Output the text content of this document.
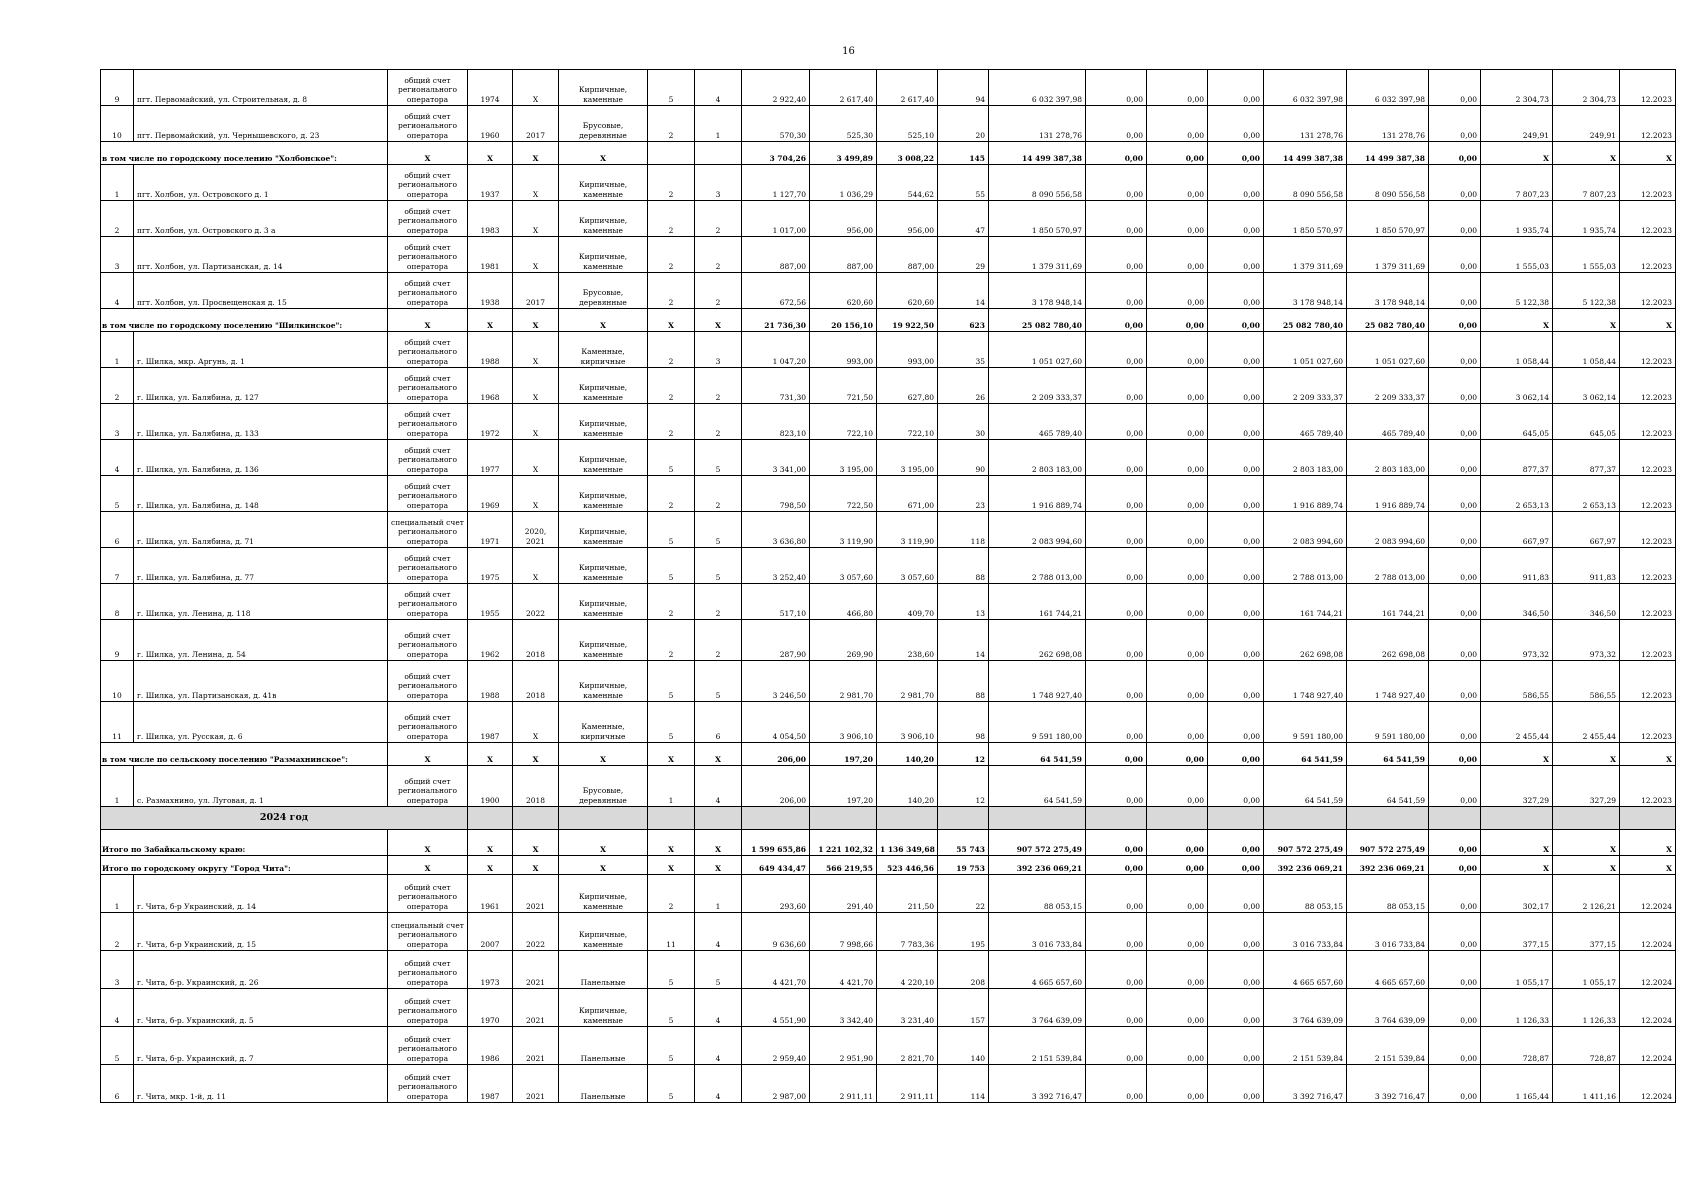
16
9	пгт. Первомайский, ул. Строительная, д. 8	общий счет регионального оператора	1974	X	Кирпичные, каменные	5	4	2 922,40	2 617,40	2 617,40	94	6 032 397,98	0,00	0,00	0,00	6 032 397,98	6 032 397,98	0,00	2 304,73	2 304,73	12.2023
10	пгт. Первомайский, ул. Чернышевского, д. 23	общий счет регионального оператора	1960	2017	Брусовые, деревянные	2	1	570,30	525,30	525,10	20	131 278,76	0,00	0,00	0,00	131 278,76	131 278,76	0,00	249,91	249,91	12.2023
в том числе по городскому поселению "Холбонское":		X	X	X	X			3 704,26	3 499,89	3 008,22	145	14 499 387,38	0,00	0,00	0,00	14 499 387,38	14 499 387,38	0,00	X	X	X
1	пгт. Холбон, ул. Островского д. 1	общий счет регионального оператора	1937	X	Кирпичные, каменные	2	3	1 127,70	1 036,29	544,62	55	8 090 556,58	0,00	0,00	0,00	8 090 556,58	8 090 556,58	0,00	7 807,23	7 807,23	12.2023
2	пгт. Холбон, ул. Островского д. 3 а	общий счет регионального оператора	1983	X	Кирпичные, каменные	2	2	1 017,00	956,00	956,00	47	1 850 570,97	0,00	0,00	0,00	1 850 570,97	1 850 570,97	0,00	1 935,74	1 935,74	12.2023
3	пгт. Холбон, ул. Партизанская, д. 14	общий счет регионального оператора	1981	X	Кирпичные, каменные	2	2	887,00	887,00	887,00	29	1 379 311,69	0,00	0,00	0,00	1 379 311,69	1 379 311,69	0,00	1 555,03	1 555,03	12.2023
4	пгт. Холбон, ул. Просвещенская д. 15	общий счет регионального оператора	1938	2017	Брусовые, деревянные	2	2	672,56	620,60	620,60	14	3 178 948,14	0,00	0,00	0,00	3 178 948,14	3 178 948,14	0,00	5 122,38	5 122,38	12.2023
в том числе по городскому поселению "Шилкинское":		X	X	X	X	X	X	21 736,30	20 156,10	19 922,50	623	25 082 780,40	0,00	0,00	0,00	25 082 780,40	25 082 780,40	0,00	X	X	X
1	г. Шилка, мкр. Аргунь, д. 1	общий счет регионального оператора	1988	X	Каменные, кирпичные	2	3	1 047,20	993,00	993,00	35	1 051 027,60	0,00	0,00	0,00	1 051 027,60	1 051 027,60	0,00	1 058,44	1 058,44	12.2023
2	г. Шилка, ул. Балябина, д. 127	общий счет регионального оператора	1968	X	Кирпичные, каменные	2	2	731,30	721,50	627,80	26	2 209 333,37	0,00	0,00	0,00	2 209 333,37	2 209 333,37	0,00	3 062,14	3 062,14	12.2023
3	г. Шилка, ул. Балябина, д. 133	общий счет регионального оператора	1972	X	Кирпичные, каменные	2	2	823,10	722,10	722,10	30	465 789,40	0,00	0,00	0,00	465 789,40	465 789,40	0,00	645,05	645,05	12.2023
4	г. Шилка, ул. Балябина, д. 136	общий счет регионального оператора	1977	X	Кирпичные, каменные	5	5	3 341,00	3 195,00	3 195,00	90	2 803 183,00	0,00	0,00	0,00	2 803 183,00	2 803 183,00	0,00	877,37	877,37	12.2023
5	г. Шилка, ул. Балябина, д. 148	общий счет регионального оператора	1969	X	Кирпичные, каменные	2	2	798,50	722,50	671,00	23	1 916 889,74	0,00	0,00	0,00	1 916 889,74	1 916 889,74	0,00	2 653,13	2 653,13	12.2023
6	г. Шилка, ул. Балябина, д. 71	специальный счет регионального оператора	1971	2020, 2021	Кирпичные, каменные	5	5	3 636,80	3 119,90	3 119,90	118	2 083 994,60	0,00	0,00	0,00	2 083 994,60	2 083 994,60	0,00	667,97	667,97	12.2023
7	г. Шилка, ул. Балябина, д. 77	общий счет регионального оператора	1975	X	Кирпичные, каменные	5	5	3 252,40	3 057,60	3 057,60	88	2 788 013,00	0,00	0,00	0,00	2 788 013,00	2 788 013,00	0,00	911,83	911,83	12.2023
8	г. Шилка, ул. Ленина, д. 118	общий счет регионального оператора	1955	2022	Кирпичные, каменные	2	2	517,10	466,80	409,70	13	161 744,21	0,00	0,00	0,00	161 744,21	161 744,21	0,00	346,50	346,50	12.2023
9	г. Шилка, ул. Ленина, д. 54	общий счет регионального оператора	1962	2018	Кирпичные, каменные	2	2	287,90	269,90	238,60	14	262 698,08	0,00	0,00	0,00	262 698,08	262 698,08	0,00	973,32	973,32	12.2023
10	г. Шилка, ул. Партизанская, д. 41в	общий счет регионального оператора	1988	2018	Кирпичные, каменные	5	5	3 246,50	2 981,70	2 981,70	88	1 748 927,40	0,00	0,00	0,00	1 748 927,40	1 748 927,40	0,00	586,55	586,55	12.2023
11	г. Шилка, ул. Русская, д. 6	общий счет регионального оператора	1987	X	Каменные, кирпичные	5	6	4 054,50	3 906,10	3 906,10	98	9 591 180,00	0,00	0,00	0,00	9 591 180,00	9 591 180,00	0,00	2 455,44	2 455,44	12.2023
в том числе по сельскому поселению "Размахнинское":		X	X	X	X	X	X	206,00	197,20	140,20	12	64 541,59	0,00	0,00	0,00	64 541,59	64 541,59	0,00	X	X	X
1	с. Размахнино, ул. Луговая, д. 1	общий счет регионального оператора	1900	2018	Брусовые, деревянные	1	4	206,00	197,20	140,20	12	64 541,59	0,00	0,00	0,00	64 541,59	64 541,59	0,00	327,29	327,29	12.2023
2024 год																					
Итого по Забайкальскому краю:		X	X	X	X	X	X	1 599 655,86	1 221 102,32	1 136 349,68	55 743	907 572 275,49	0,00	0,00	0,00	907 572 275,49	907 572 275,49	0,00	X	X	X
Итого по городскому округу "Город Чита":		X	X	X	X	X	X	649 434,47	566 219,55	523 446,56	19 753	392 236 069,21	0,00	0,00	0,00	392 236 069,21	392 236 069,21	0,00	X	X	X
1	г. Чита, б-р Украинский, д. 14	общий счет регионального оператора	1961	2021	Кирпичные, каменные	2	1	293,60	291,40	211,50	22	88 053,15	0,00	0,00	0,00	88 053,15	88 053,15	0,00	302,17	2 126,21	12.2024
2	г. Чита, б-р Украинский, д. 15	специальный счет регионального оператора	2007	2022	Кирпичные, каменные	11	4	9 636,60	7 998,66	7 783,36	195	3 016 733,84	0,00	0,00	0,00	3 016 733,84	3 016 733,84	0,00	377,15	377,15	12.2024
3	г. Чита, б-р. Украинский, д. 26	общий счет регионального оператора	1973	2021	Панельные	5	5	4 421,70	4 421,70	4 220,10	208	4 665 657,60	0,00	0,00	0,00	4 665 657,60	4 665 657,60	0,00	1 055,17	1 055,17	12.2024
4	г. Чита, б-р. Украинский, д. 5	общий счет регионального оператора	1970	2021	Кирпичные, каменные	5	4	4 551,90	3 342,40	3 231,40	157	3 764 639,09	0,00	0,00	0,00	3 764 639,09	3 764 639,09	0,00	1 126,33	1 126,33	12.2024
5	г. Чита, б-р. Украинский, д. 7	общий счет регионального оператора	1986	2021	Панельные	5	4	2 959,40	2 951,90	2 821,70	140	2 151 539,84	0,00	0,00	0,00	2 151 539,84	2 151 539,84	0,00	728,87	728,87	12.2024
6	г. Чита, мкр. 1-й, д. 11	общий счет регионального оператора	1987	2021	Панельные	5	4	2 987,00	2 911,11	2 911,11	114	3 392 716,47	0,00	0,00	0,00	3 392 716,47	3 392 716,47	0,00	1 165,44	1 411,16	12.2024
